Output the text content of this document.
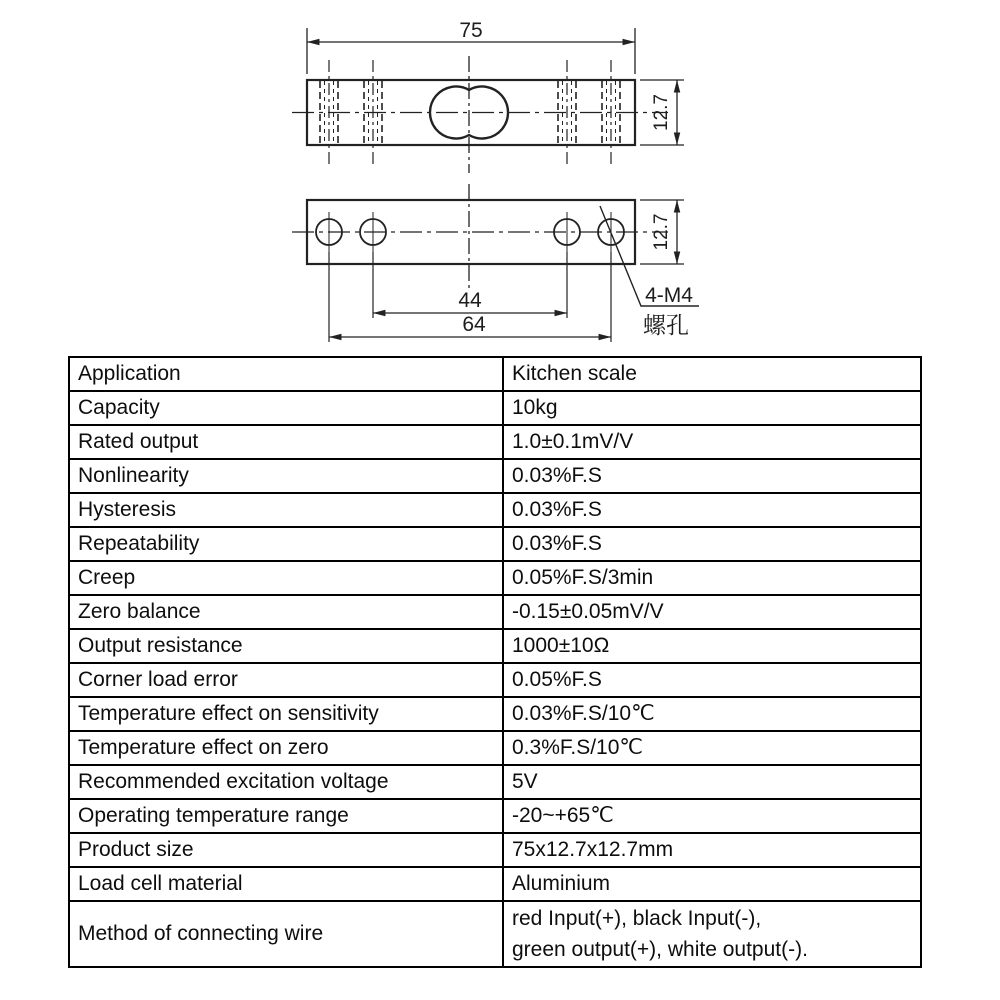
75
12.7
44
64
12.7
4-M4
螺孔
Application	Kitchen scale
Capacity	10kg
Rated output	1.0±0.1mV/V
Nonlinearity	0.03%F.S
Hysteresis	0.03%F.S
Repeatability	0.03%F.S
Creep	0.05%F.S/3min
Zero balance	-0.15±0.05mV/V
Output resistance	1000±10Ω
Corner load error	0.05%F.S
Temperature effect on sensitivity	0.03%F.S/10℃
Temperature effect on zero	0.3%F.S/10℃
Recommended excitation voltage	5V
Operating temperature range	-20~+65℃
Product size	75x12.7x12.7mm
Load cell material	Aluminium
Method of connecting wire	red Input(+), black Input(-),
green output(+), white output(-).
